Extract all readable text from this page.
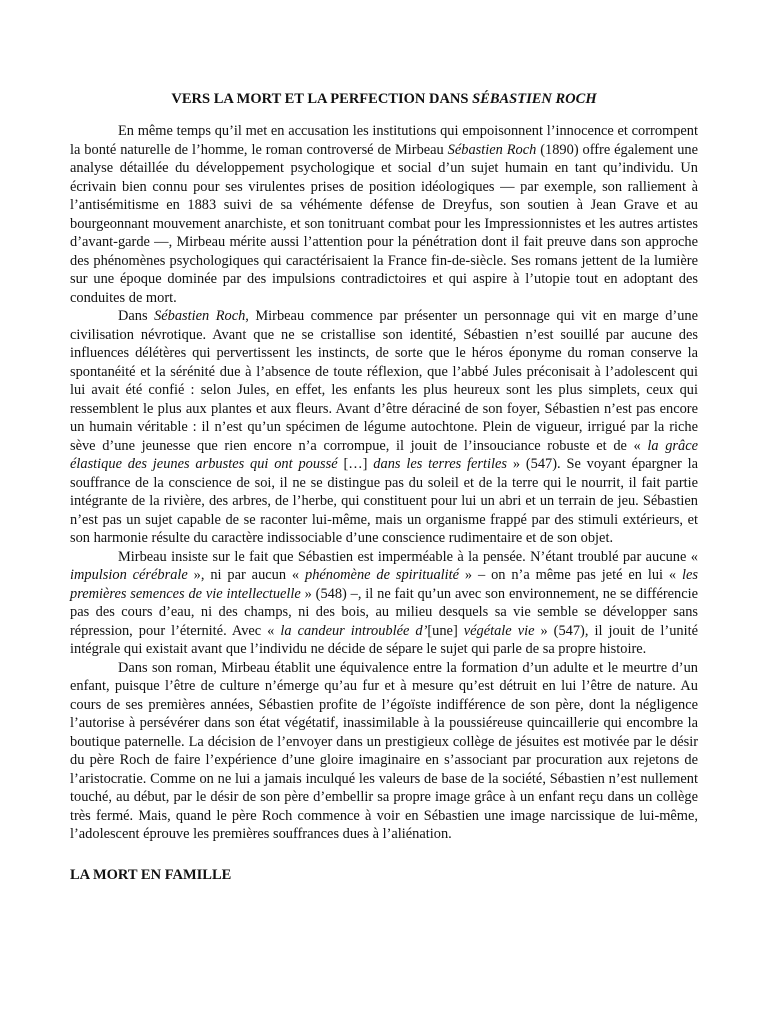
VERS LA MORT ET LA PERFECTION DANS SÉBASTIEN ROCH

En même temps qu’il met en accusation les institutions qui empoisonnent l’innocence et corrompent la bonté naturelle de l’homme, le roman controversé de Mirbeau Sébastien Roch (1890) offre également une analyse détaillée du développement psychologique et social d’un sujet humain en tant qu’individu. Un écrivain bien connu pour ses virulentes prises de position idéologiques — par exemple, son ralliement à l’antisémitisme en 1883 suivi de sa véhémente défense de Dreyfus, son soutien à Jean Grave et au bourgeonnant mouvement anarchiste, et son tonitruant combat pour les Impressionnistes et les autres artistes d’avant-garde —, Mirbeau mérite aussi l’attention pour la pénétration dont il fait preuve dans son approche des phénomènes psychologiques qui caractérisaient la France fin-de-siècle. Ses romans jettent de la lumière sur une époque dominée par des impulsions contradictoires et qui aspire à l’utopie tout en adoptant des conduites de mort.

Dans Sébastien Roch, Mirbeau commence par présenter un personnage qui vit en marge d’une civilisation névrotique. Avant que ne se cristallise son identité, Sébastien n’est souillé par aucune des influences délétères qui pervertissent les instincts, de sorte que le héros éponyme du roman conserve la spontanéité et la sérénité due à l’absence de toute réflexion, que l’abbé Jules préconisait à l’adolescent qui lui avait été confié : selon Jules, en effet, les enfants les plus heureux sont les plus simplets, ceux qui ressemblent le plus aux plantes et aux fleurs. Avant d’être déraciné de son foyer, Sébastien n’est pas encore un humain véritable : il n’est qu’un spécimen de légume autochtone. Plein de vigueur, irrigué par la riche sève d’une jeunesse que rien encore n’a corrompue, il jouit de l’insouciance robuste et de « la grâce élastique des jeunes arbustes qui ont poussé […] dans les terres fertiles » (547). Se voyant épargner la souffrance de la conscience de soi, il ne se distingue pas du soleil et de la terre qui le nourrit, il fait partie intégrante de la rivière, des arbres, de l’herbe, qui constituent pour lui un abri et un terrain de jeu. Sébastien n’est pas un sujet capable de se raconter lui-même, mais un organisme frappé par des stimuli extérieurs, et son harmonie résulte du caractère indissociable d’une conscience rudimentaire et de son objet.

Mirbeau insiste sur le fait que Sébastien est imperméable à la pensée. N’étant troublé par aucune « impulsion cérébrale », ni par aucun « phénomène de spiritualité » – on n’a même pas jeté en lui « les premières semences de vie intellectuelle » (548) –, il ne fait qu’un avec son environnement, ne se différencie pas des cours d’eau, ni des champs, ni des bois, au milieu desquels sa vie semble se développer sans répression, pour l’éternité. Avec « la candeur introublée d’[une] végétale vie » (547), il jouit de l’unité intégrale qui existait avant que l’individu ne décide de sépare le sujet qui parle de sa propre histoire.

Dans son roman, Mirbeau établit une équivalence entre la formation d’un adulte et le meurtre d’un enfant, puisque l’être de culture n’émerge qu’au fur et à mesure qu’est détruit en lui l’être de nature. Au cours de ses premières années, Sébastien profite de l’égoïste indifférence de son père, dont la négligence l’autorise à persévérer dans son état végétatif, inassimilable à la poussiéreuse quincaillerie qui encombre la boutique paternelle. La décision de l’envoyer dans un prestigieux collège de jésuites est motivée par le désir du père Roch de faire l’expérience d’une gloire imaginaire en s’associant par procuration aux rejetons de l’aristocratie. Comme on ne lui a jamais inculqué les valeurs de base de la société, Sébastien n’est nullement touché, au début, par le désir de son père d’embellir sa propre image grâce à un enfant reçu dans un collège très fermé. Mais, quand le père Roch commence à voir en Sébastien une image narcissique de lui-même, l’adolescent éprouve les premières souffrances dues à l’aliénation.

LA MORT EN FAMILLE
